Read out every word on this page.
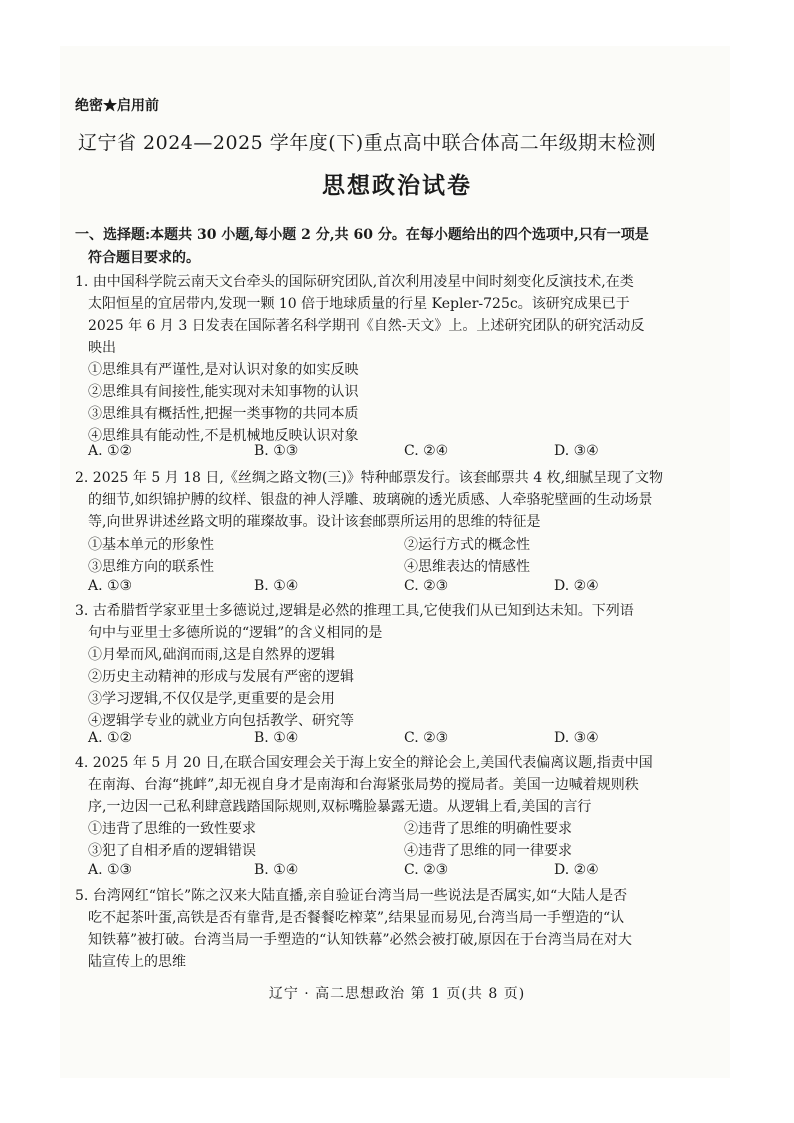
绝密★启用前
辽宁省 2024—2025 学年度(下)重点高中联合体高二年级期末检测
思想政治试卷
一、选择题:本题共 30 小题,每小题 2 分,共 60 分。在每小题给出的四个选项中,只有一项是
符合题目要求的。
1. 由中国科学院云南天文台牵头的国际研究团队,首次利用凌星中间时刻变化反演技术,在类
太阳恒星的宜居带内,发现一颗 10 倍于地球质量的行星 Kepler-725c。该研究成果已于
2025 年 6 月 3 日发表在国际著名科学期刊《自然-天文》上。上述研究团队的研究活动反
映出
①思维具有严谨性,是对认识对象的如实反映
②思维具有间接性,能实现对未知事物的认识
③思维具有概括性,把握一类事物的共同本质
④思维具有能动性,不是机械地反映认识对象
A. ①②	B. ①③	C. ②④	D. ③④
2. 2025 年 5 月 18 日,《丝绸之路文物(三)》特种邮票发行。该套邮票共 4 枚,细腻呈现了文物
的细节,如织锦护膊的纹样、银盘的神人浮雕、玻璃碗的透光质感、人牵骆驼壁画的生动场景
等,向世界讲述丝路文明的璀璨故事。设计该套邮票所运用的思维的特征是
①基本单元的形象性	②运行方式的概念性
③思维方向的联系性	④思维表达的情感性
A. ①③	B. ①④	C. ②③	D. ②④
3. 古希腊哲学家亚里士多德说过,逻辑是必然的推理工具,它使我们从已知到达未知。下列语
句中与亚里士多德所说的“逻辑”的含义相同的是
①月晕而风,础润而雨,这是自然界的逻辑
②历史主动精神的形成与发展有严密的逻辑
③学习逻辑,不仅仅是学,更重要的是会用
④逻辑学专业的就业方向包括教学、研究等
A. ①②	B. ①④	C. ②③	D. ③④
4. 2025 年 5 月 20 日,在联合国安理会关于海上安全的辩论会上,美国代表偏离议题,指责中国
在南海、台海“挑衅”,却无视自身才是南海和台海紧张局势的搅局者。美国一边喊着规则秩
序,一边因一己私利肆意践踏国际规则,双标嘴脸暴露无遗。从逻辑上看,美国的言行
①违背了思维的一致性要求	②违背了思维的明确性要求
③犯了自相矛盾的逻辑错误	④违背了思维的同一律要求
A. ①③	B. ①④	C. ②③	D. ②④
5. 台湾网红“馆长”陈之汉来大陆直播,亲自验证台湾当局一些说法是否属实,如“大陆人是否
吃不起茶叶蛋,高铁是否有靠背,是否餐餐吃榨菜”,结果显而易见,台湾当局一手塑造的“认
知铁幕”被打破。台湾当局一手塑造的“认知铁幕”必然会被打破,原因在于台湾当局在对大
陆宣传上的思维
辽宁 · 高二思想政治 第 1 页(共 8 页)
